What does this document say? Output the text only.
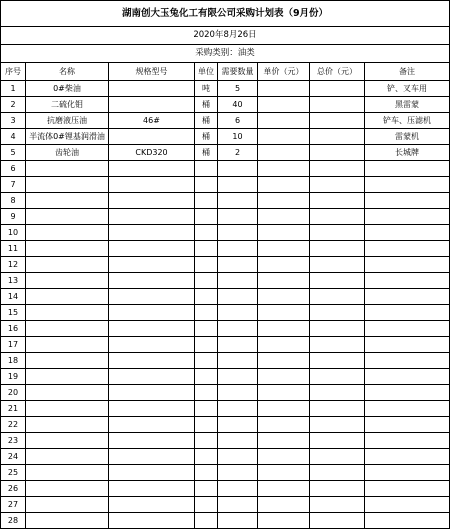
湖南创大玉兔化工有限公司采购计划表（9月份）							
2020年8月26日							
采购类别：油类							
序号	名称	规格型号	单位	需要数量	单价（元）	总价（元）	备注
1	0#柴油		吨	5			铲、叉车用
2	二硫化钼		桶	40			黑雷蒙
3	抗磨液压油	46#	桶	6			铲车、压滤机
4	半流体0#锂基润滑油		桶	10			雷蒙机
5	齿轮油	CKD320	桶	2			长城牌
6							
7							
8							
9							
10							
11							
12							
13							
14							
15							
16							
17							
18							
19							
20							
21							
22							
23							
24							
25							
26							
27							
28							
